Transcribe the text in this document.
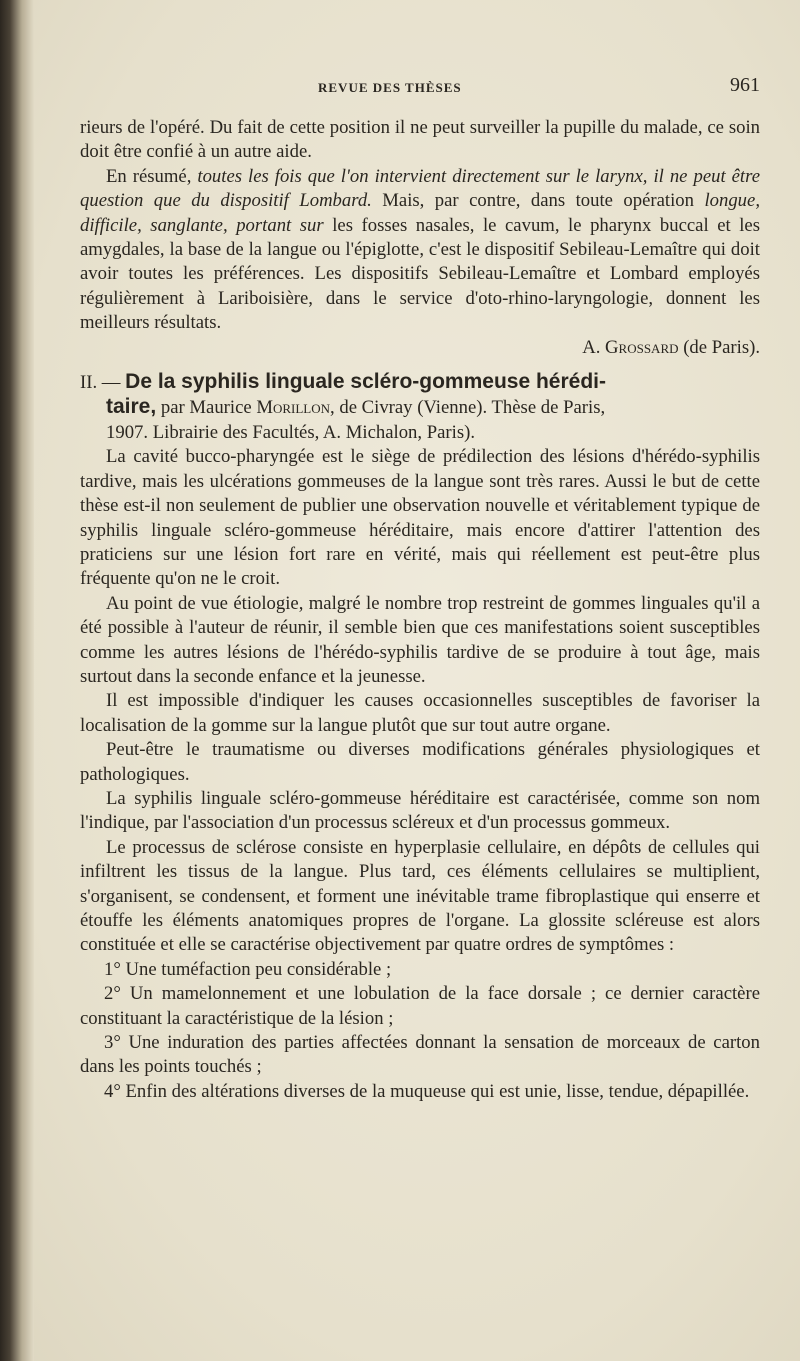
REVUE DES THÈSES	961

rieurs de l'opéré. Du fait de cette position il ne peut surveiller la pupille du malade, ce soin doit être confié à un autre aide.

En résumé, toutes les fois que l'on intervient directement sur le larynx, il ne peut être question que du dispositif Lombard. Mais, par contre, dans toute opération longue, difficile, sanglante, portant sur les fosses nasales, le cavum, le pharynx buccal et les amygdales, la base de la langue ou l'épiglotte, c'est le dispositif Sebileau-Lemaître qui doit avoir toutes les préférences. Les dispositifs Sebileau-Lemaître et Lombard employés régulièrement à Lariboisière, dans le service d'oto-rhino-laryngologie, donnent les meilleurs résultats.

A. Grossard (de Paris).

II. — De la syphilis linguale scléro-gommeuse hérédi-
taire, par Maurice Morillon, de Civray (Vienne). Thèse de Paris,
1907. Librairie des Facultés, A. Michalon, Paris).

La cavité bucco-pharyngée est le siège de prédilection des lésions d'hérédo-syphilis tardive, mais les ulcérations gommeuses de la langue sont très rares. Aussi le but de cette thèse est-il non seulement de publier une observation nouvelle et véritablement typique de syphilis linguale scléro-gommeuse héréditaire, mais encore d'attirer l'attention des praticiens sur une lésion fort rare en vérité, mais qui réellement est peut-être plus fréquente qu'on ne le croit.

Au point de vue étiologie, malgré le nombre trop restreint de gommes linguales qu'il a été possible à l'auteur de réunir, il semble bien que ces manifestations soient susceptibles comme les autres lésions de l'hérédo-syphilis tardive de se produire à tout âge, mais surtout dans la seconde enfance et la jeunesse.

Il est impossible d'indiquer les causes occasionnelles susceptibles de favoriser la localisation de la gomme sur la langue plutôt que sur tout autre organe.

Peut-être le traumatisme ou diverses modifications générales physiologiques et pathologiques.

La syphilis linguale scléro-gommeuse héréditaire est caractérisée, comme son nom l'indique, par l'association d'un processus scléreux et d'un processus gommeux.

Le processus de sclérose consiste en hyperplasie cellulaire, en dépôts de cellules qui infiltrent les tissus de la langue. Plus tard, ces éléments cellulaires se multiplient, s'organisent, se condensent, et forment une inévitable trame fibroplastique qui enserre et étouffe les éléments anatomiques propres de l'organe. La glossite scléreuse est alors constituée et elle se caractérise objectivement par quatre ordres de symptômes :

1° Une tuméfaction peu considérable ;

2° Un mamelonnement et une lobulation de la face dorsale ; ce dernier caractère constituant la caractéristique de la lésion ;

3° Une induration des parties affectées donnant la sensation de morceaux de carton dans les points touchés ;

4° Enfin des altérations diverses de la muqueuse qui est unie, lisse, tendue, dépapillée.
